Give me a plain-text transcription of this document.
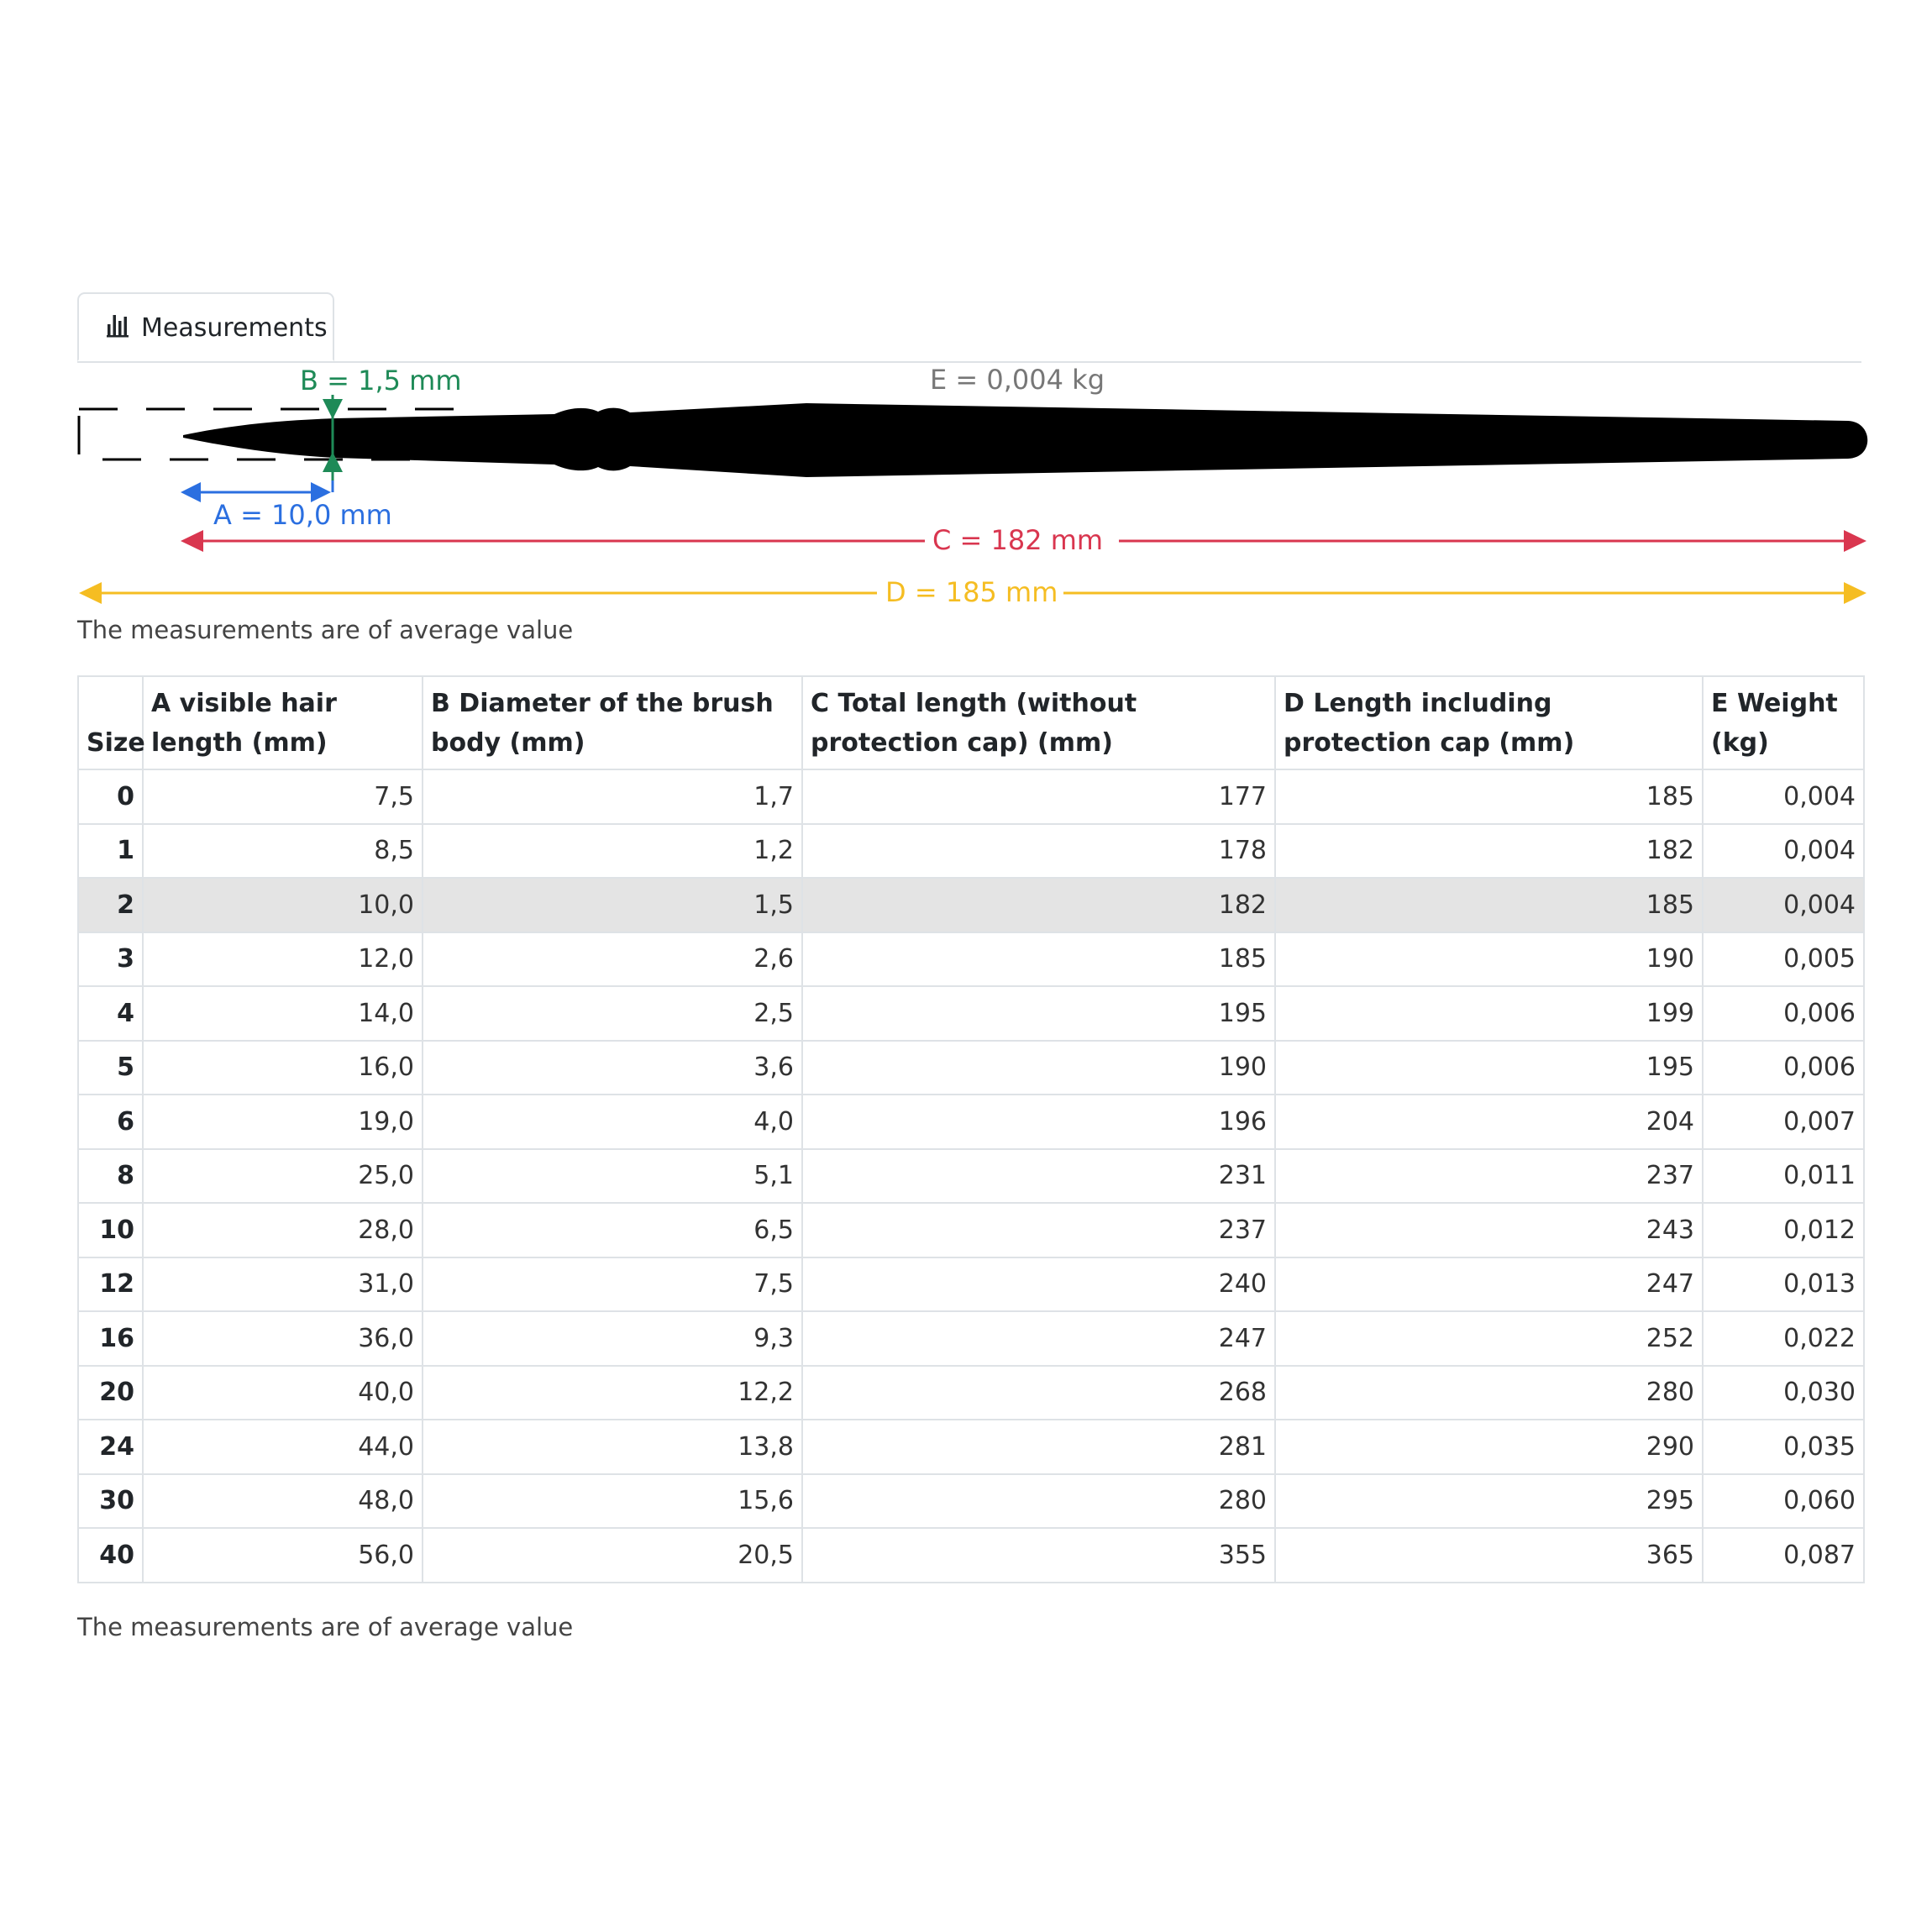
Measurements
B = 1,5 mm	E = 0,004 kg
A = 10,0 mm
C = 182 mm
D = 185 mm
The measurements are of average value
Size	A visible hair length (mm)	B Diameter of the brush body (mm)	C Total length (without protection cap) (mm)	D Length including protection cap (mm)	E Weight (kg)
0	7,5	1,7	177	185	0,004
1	8,5	1,2	178	182	0,004
2	10,0	1,5	182	185	0,004
3	12,0	2,6	185	190	0,005
4	14,0	2,5	195	199	0,006
5	16,0	3,6	190	195	0,006
6	19,0	4,0	196	204	0,007
8	25,0	5,1	231	237	0,011
10	28,0	6,5	237	243	0,012
12	31,0	7,5	240	247	0,013
16	36,0	9,3	247	252	0,022
20	40,0	12,2	268	280	0,030
24	44,0	13,8	281	290	0,035
30	48,0	15,6	280	295	0,060
40	56,0	20,5	355	365	0,087
The measurements are of average value
